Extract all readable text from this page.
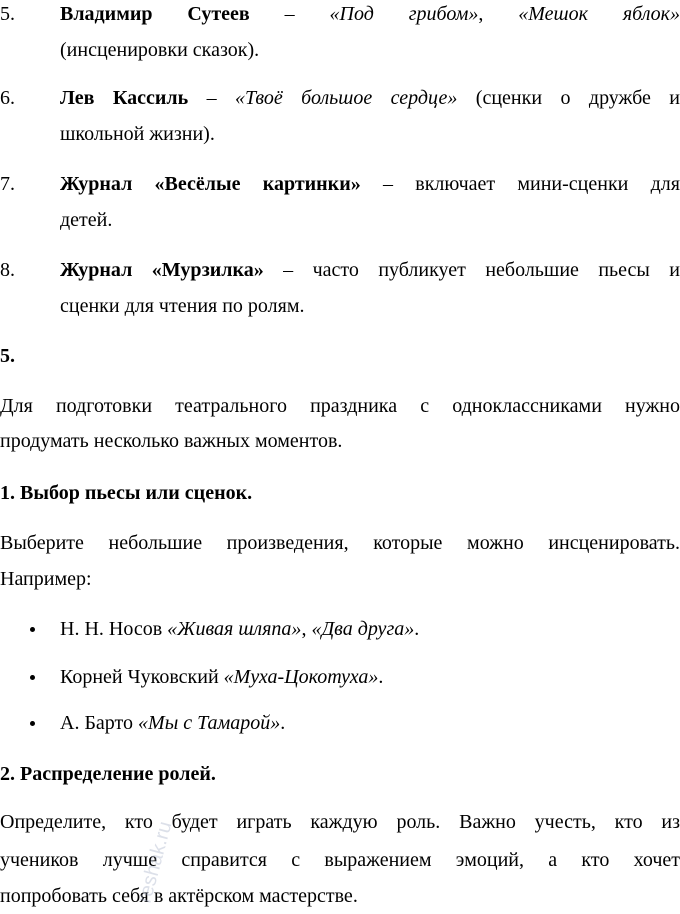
5.	Владимир Сутеев – «Под грибом», «Мешок яблок»
(инсценировки сказок).
6.	Лев Кассиль – «Твоё большое сердце» (сценки о дружбе и
школьной жизни).
7.	Журнал «Весёлые картинки» – включает мини-сценки для
детей.
8.	Журнал «Мурзилка» – часто публикует небольшие пьесы и
сценки для чтения по ролям.
5.
Для подготовки театрального праздника с одноклассниками нужно
продумать несколько важных моментов.
1. Выбор пьесы или сценок.
Выберите небольшие произведения, которые можно инсценировать.
Например:
Н. Н. Носов «Живая шляпа», «Два друга».
Корней Чуковский «Муха-Цокотуха».
А. Барто «Мы с Тамарой».
2. Распределение ролей.
Определите, кто будет играть каждую роль. Важно учесть, кто из
учеников лучше справится с выражением эмоций, а кто хочет
попробовать себя в актёрском мастерстве.
reshak.ru
